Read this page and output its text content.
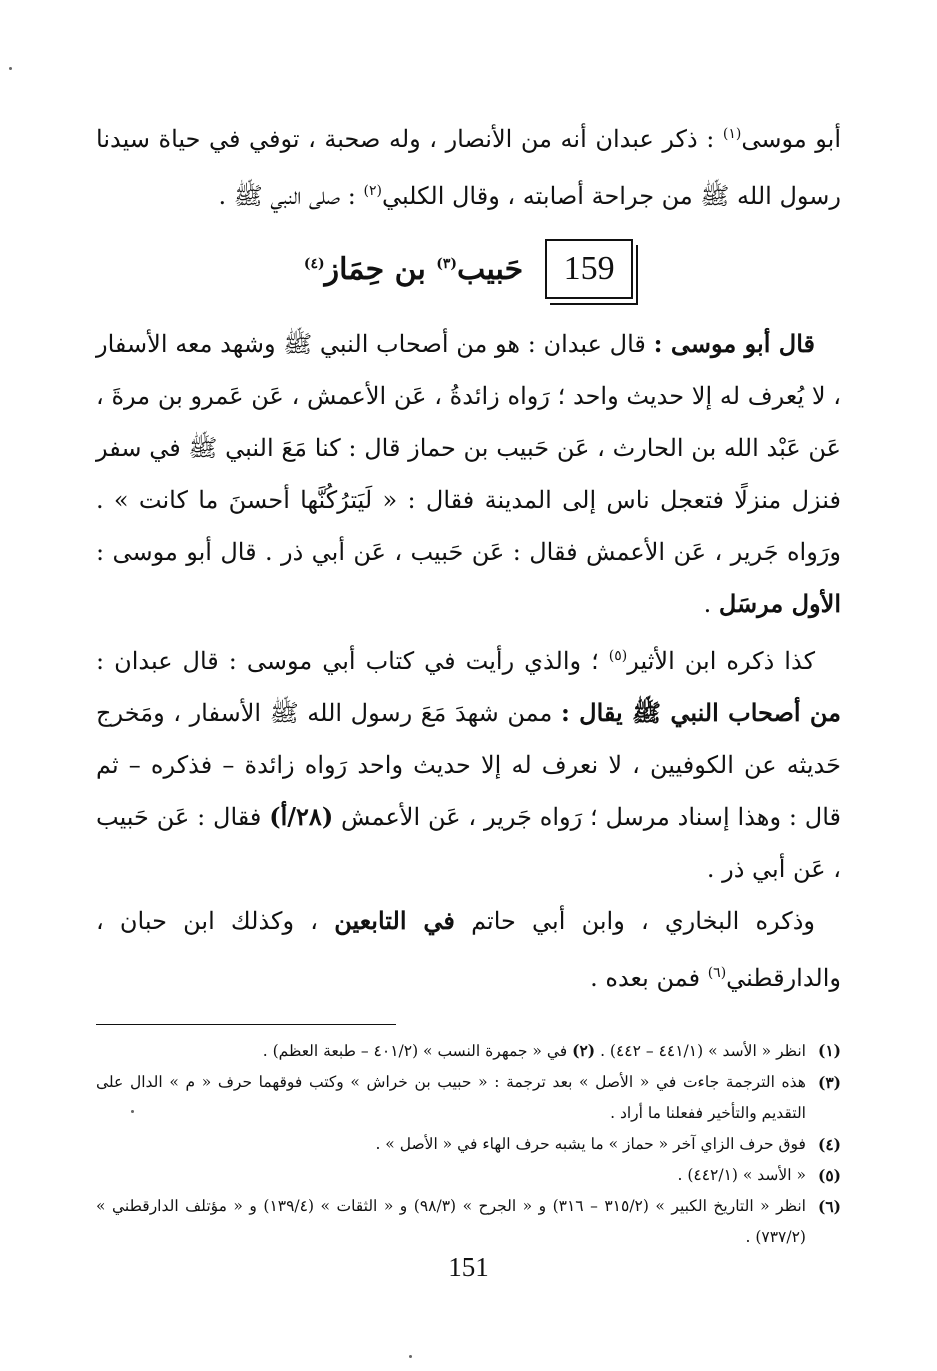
أبو موسى$^{(١)}$ : ذكر عبدان أنه من الأنصار ، وله صحبة ، توفي في حياة سيدنا رسول الله ﷺ من جراحة أصابته ، وقال الكلبي$^{(٢)}$ : صلى النبي ﷺ .

159
حَبيب$^{(٣)}$ بن حِمَاز$^{(٤)}$

قال أبو موسى : قال عبدان : هو من أصحاب النبي ﷺ وشهد معه الأسفار ، لا يُعرف له إلا حديث واحد ؛ رَواه زائدةُ ، عَن الأعمش ، عَن عَمرو بن مرةَ ، عَن عَبْد الله بن الحارث ، عَن حَبيب بن حماز قال : كنا مَعَ النبي ﷺ في سفر فنزل منزلًا فتعجل ناس إلى المدينة فقال : « لَيَترُكُنَّها أحسنَ ما كانت » . ورَواه جَرير ، عَن الأعمش فقال : عَن حَبيب ، عَن أبي ذر . قال أبو موسى : الأول مرسَل .

كذا ذكره ابن الأثير$^{(٥)}$ ؛ والذي رأيت في كتاب أبي موسى : قال عبدان : من أصحاب النبي ﷺ يقال : ممن شهدَ مَعَ رسول الله ﷺ الأسفار ، ومَخرج حَديثه عن الكوفيين ، لا نعرف له إلا حديث واحد رَواه زائدة – فذكره – ثم قال : وهذا إسناد مرسل ؛ رَواه جَرير ، عَن الأعمش (٢٨/أ) فقال : عَن حَبيب ، عَن أبي ذر .

وذكره البخاري ، وابن أبي حاتم في التابعين ، وكذلك ابن حبان ، والدارقطني$^{(٦)}$ فمن بعده .

(١)
انظر « الأسد » (٤٤١/١ – ٤٤٢) . (٢) في « جمهرة النسب » (٤٠١/٢ – طبعة العظم) .

(٣)
هذه الترجمة جاءت في « الأصل » بعد ترجمة : « حبيب بن خراش » وكتب فوقهما حرف « م » الدال على التقديم والتأخير ففعلنا ما أراد .

(٤)
فوق حرف الزاي آخر « حماز » ما يشبه حرف الهاء في « الأصل » .

(٥)
« الأسد » (٤٤٢/١) .

(٦)
انظر « التاريخ الكبير » (٣١٥/٢ – ٣١٦) و « الجرح » (٩٨/٣) و « الثقات » (١٣٩/٤) و « مؤتلف الدارقطني » (٧٣٧/٢) .

151
